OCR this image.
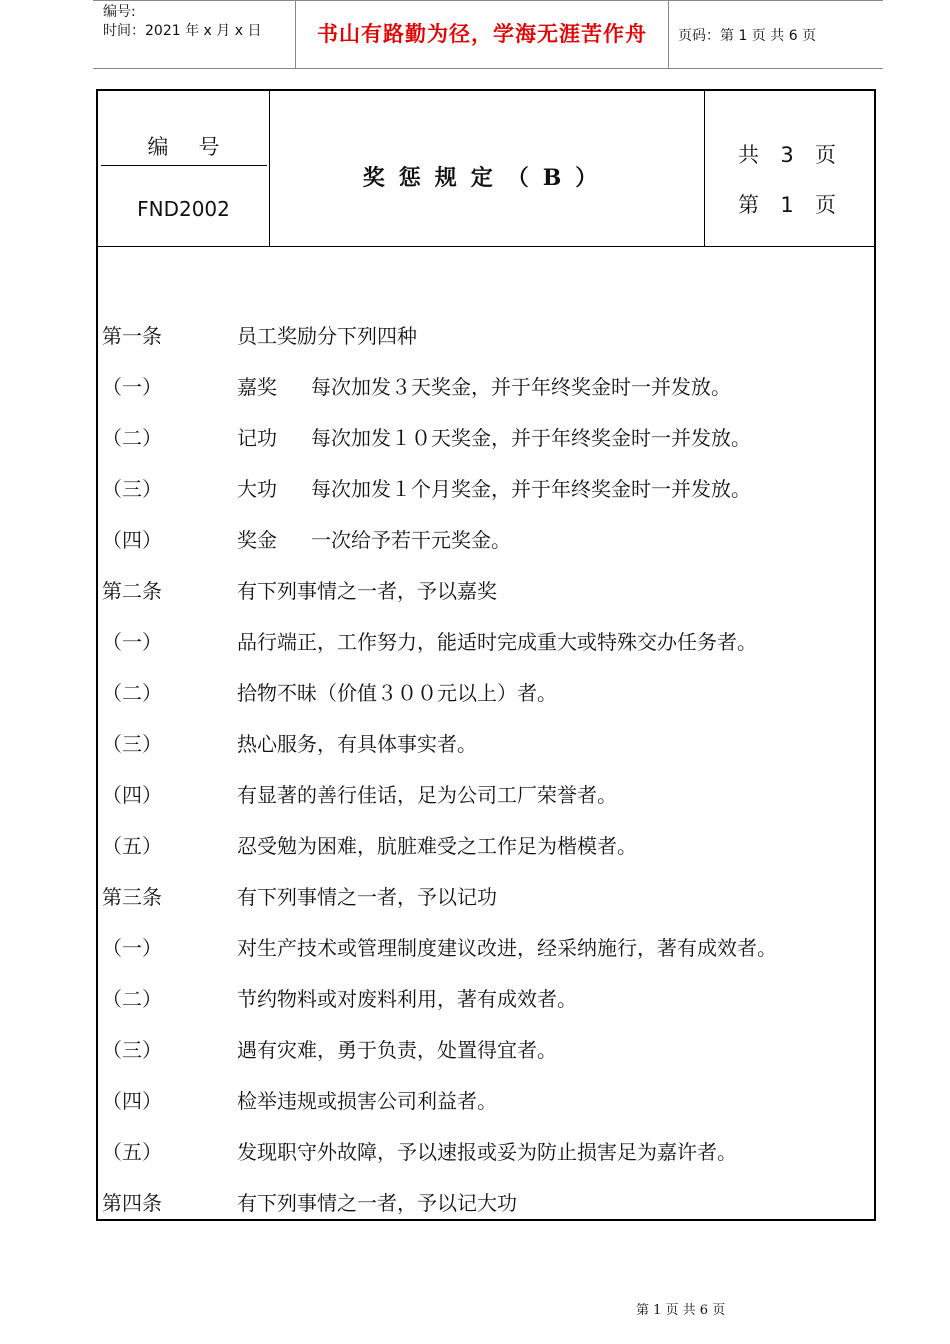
编号:
时间：2021 年 x 月 x 日	书山有路勤为径，学海无涯苦作舟	页码：第 1 页 共 6 页
编号
FND2002
奖惩规定（B）
共 3 页
第 1 页
第一条	员工奖励分下列四种
（一）	嘉奖 每次加发３天奖金，并于年终奖金时一并发放。
（二）	记功 每次加发１０天奖金，并于年终奖金时一并发放。
（三）	大功 每次加发１个月奖金，并于年终奖金时一并发放。
（四）	奖金 一次给予若干元奖金。
第二条	有下列事情之一者，予以嘉奖
（一）	品行端正，工作努力，能适时完成重大或特殊交办任务者。
（二）	拾物不昧（价值３００元以上）者。
（三）	热心服务，有具体事实者。
（四）	有显著的善行佳话，足为公司工厂荣誉者。
（五）	忍受勉为困难，肮脏难受之工作足为楷模者。
第三条	有下列事情之一者，予以记功
（一）	对生产技术或管理制度建议改进，经采纳施行，著有成效者。
（二）	节约物料或对废料利用，著有成效者。
（三）	遇有灾难，勇于负责，处置得宜者。
（四）	检举违规或损害公司利益者。
（五）	发现职守外故障，予以速报或妥为防止损害足为嘉许者。
第四条	有下列事情之一者，予以记大功
第 1 页 共 6 页
